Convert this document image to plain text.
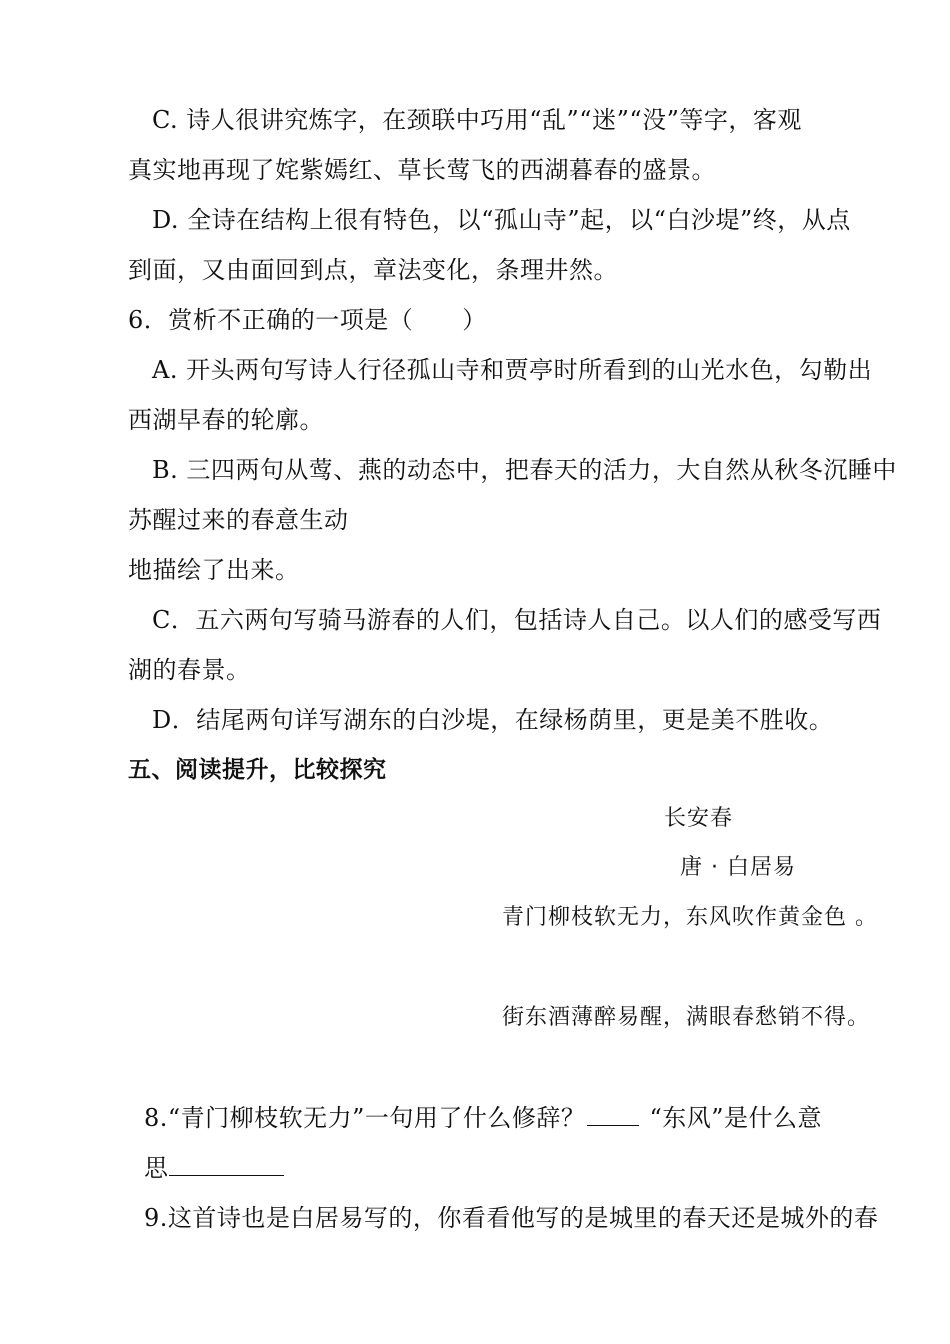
C. 诗人很讲究炼字，在颈联中巧用“乱”“迷”“没”等字，客观
真实地再现了姹紫嫣红、草长莺飞的西湖暮春的盛景。
D. 全诗在结构上很有特色，以“孤山寺”起，以“白沙堤”终，从点
到面，又由面回到点，章法变化，条理井然。
6．赏析不正确的一项是（　　）
A. 开头两句写诗人行径孤山寺和贾亭时所看到的山光水色，勾勒出
西湖早春的轮廓。
B. 三四两句从莺、燕的动态中，把春天的活力，大自然从秋冬沉睡中
苏醒过来的春意生动
地描绘了出来。
C．五六两句写骑马游春的人们，包括诗人自己。以人们的感受写西
湖的春景。
D．结尾两句详写湖东的白沙堤，在绿杨荫里，更是美不胜收。
五、阅读提升，比较探究
长安春
唐 · 白居易
青门柳枝软无力，东风吹作黄金色 。
街东酒薄醉易醒，满眼春愁销不得。
8.“青门柳枝软无力”一句用了什么修辞？	“东风”是什么意
思
9.这首诗也是白居易写的，你看看他写的是城里的春天还是城外的春
